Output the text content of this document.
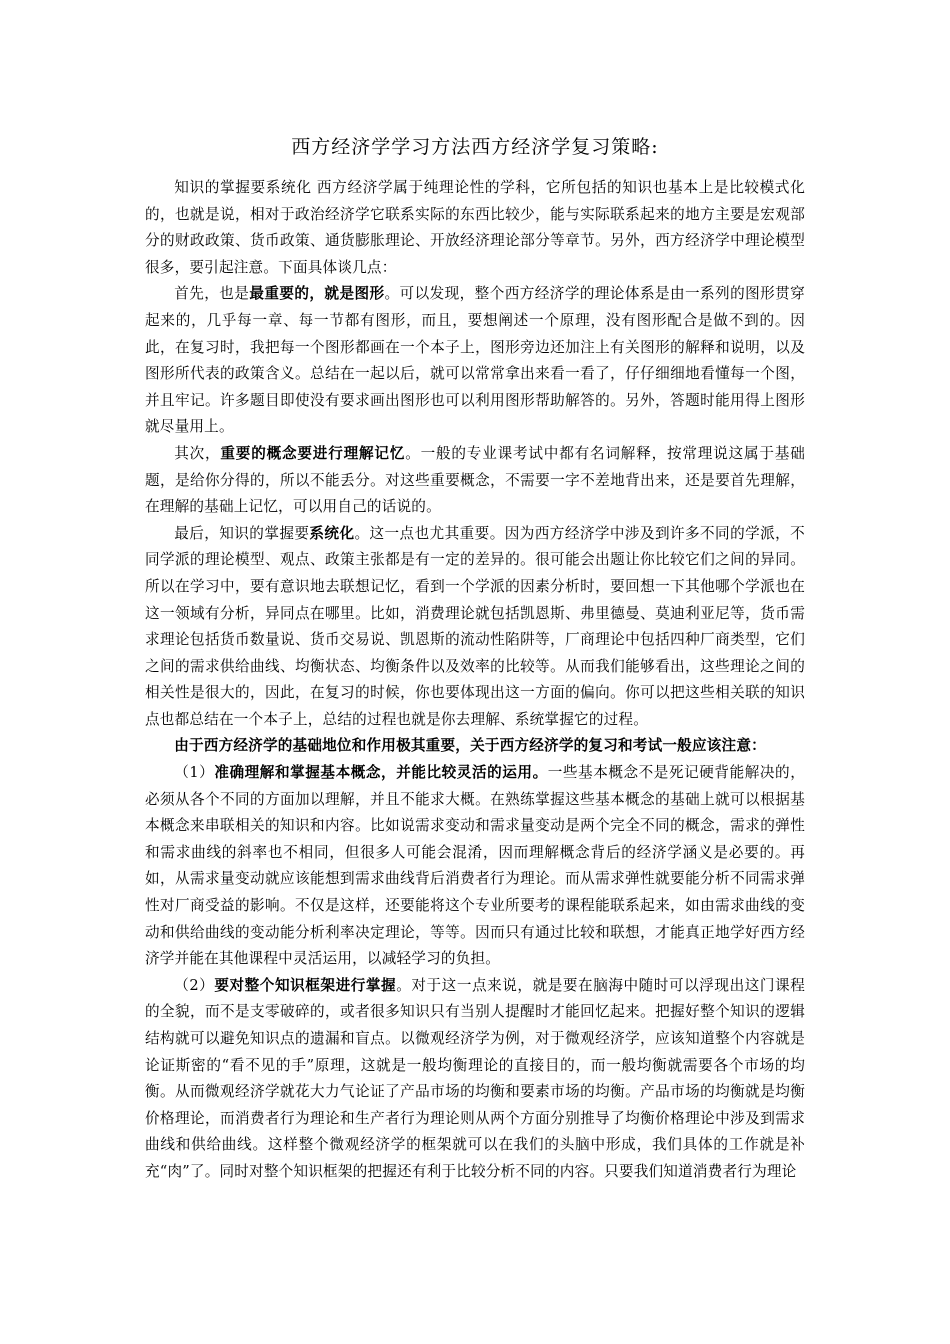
西方经济学学习方法西方经济学复习策略:

知识的掌握要系统化 西方经济学属于纯理论性的学科，它所包括的知识也基本上是比较模式化的，也就是说，相对于政治经济学它联系实际的东西比较少，能与实际联系起来的地方主要是宏观部分的财政政策、货币政策、通货膨胀理论、开放经济理论部分等章节。另外，西方经济学中理论模型很多，要引起注意。下面具体谈几点：

首先，也是最重要的，就是图形。可以发现，整个西方经济学的理论体系是由一系列的图形贯穿起来的，几乎每一章、每一节都有图形，而且，要想阐述一个原理，没有图形配合是做不到的。因此，在复习时，我把每一个图形都画在一个本子上，图形旁边还加注上有关图形的解释和说明，以及图形所代表的政策含义。总结在一起以后，就可以常常拿出来看一看了，仔仔细细地看懂每一个图，并且牢记。许多题目即使没有要求画出图形也可以利用图形帮助解答的。另外，答题时能用得上图形就尽量用上。

其次，重要的概念要进行理解记忆。一般的专业课考试中都有名词解释，按常理说这属于基础题，是给你分得的，所以不能丢分。对这些重要概念，不需要一字不差地背出来，还是要首先理解，在理解的基础上记忆，可以用自己的话说的。

最后，知识的掌握要系统化。这一点也尤其重要。因为西方经济学中涉及到许多不同的学派，不同学派的理论模型、观点、政策主张都是有一定的差异的。很可能会出题让你比较它们之间的异同。所以在学习中，要有意识地去联想记忆，看到一个学派的因素分析时，要回想一下其他哪个学派也在这一领域有分析，异同点在哪里。比如，消费理论就包括凯恩斯、弗里德曼、莫迪利亚尼等，货币需求理论包括货币数量说、货币交易说、凯恩斯的流动性陷阱等，厂商理论中包括四种厂商类型，它们之间的需求供给曲线、均衡状态、均衡条件以及效率的比较等。从而我们能够看出，这些理论之间的相关性是很大的，因此，在复习的时候，你也要体现出这一方面的偏向。你可以把这些相关联的知识点也都总结在一个本子上，总结的过程也就是你去理解、系统掌握它的过程。

由于西方经济学的基础地位和作用极其重要，关于西方经济学的复习和考试一般应该注意：

（1）准确理解和掌握基本概念，并能比较灵活的运用。一些基本概念不是死记硬背能解决的，必须从各个不同的方面加以理解，并且不能求大概。在熟练掌握这些基本概念的基础上就可以根据基本概念来串联相关的知识和内容。比如说需求变动和需求量变动是两个完全不同的概念，需求的弹性和需求曲线的斜率也不相同，但很多人可能会混淆，因而理解概念背后的经济学涵义是必要的。再如，从需求量变动就应该能想到需求曲线背后消费者行为理论。而从需求弹性就要能分析不同需求弹性对厂商受益的影响。不仅是这样，还要能将这个专业所要考的课程能联系起来，如由需求曲线的变动和供给曲线的变动能分析利率决定理论，等等。因而只有通过比较和联想，才能真正地学好西方经济学并能在其他课程中灵活运用，以减轻学习的负担。

（2）要对整个知识框架进行掌握。对于这一点来说，就是要在脑海中随时可以浮现出这门课程的全貌，而不是支零破碎的，或者很多知识只有当别人提醒时才能回忆起来。把握好整个知识的逻辑结构就可以避免知识点的遗漏和盲点。以微观经济学为例，对于微观经济学，应该知道整个内容就是论证斯密的“看不见的手”原理，这就是一般均衡理论的直接目的，而一般均衡就需要各个市场的均衡。从而微观经济学就花大力气论证了产品市场的均衡和要素市场的均衡。产品市场的均衡就是均衡价格理论，而消费者行为理论和生产者行为理论则从两个方面分别推导了均衡价格理论中涉及到需求曲线和供给曲线。这样整个微观经济学的框架就可以在我们的头脑中形成，我们具体的工作就是补充“肉”了。同时对整个知识框架的把握还有利于比较分析不同的内容。只要我们知道消费者行为理论
